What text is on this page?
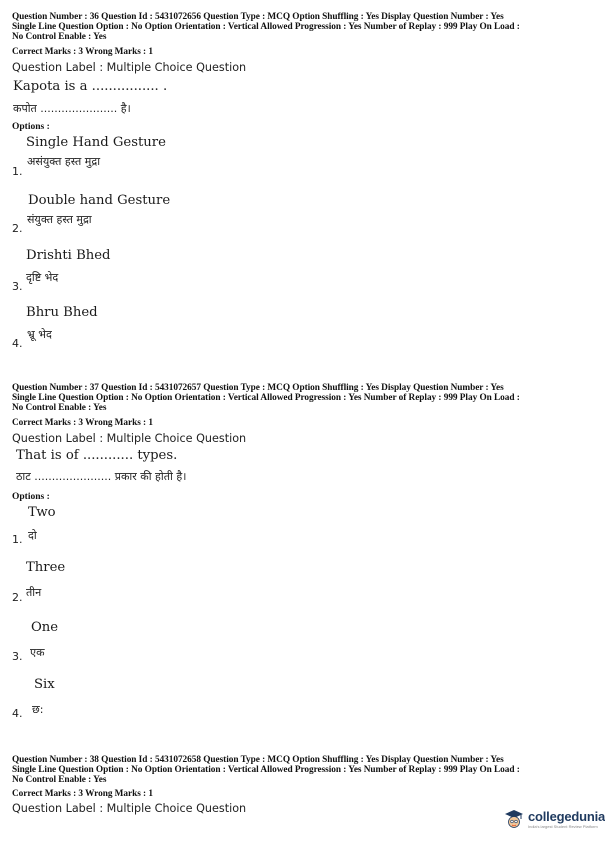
Question Number : 36 Question Id : 5431072656 Question Type : MCQ Option Shuffling : Yes Display Question Number : Yes
Single Line Question Option : No Option Orientation : Vertical Allowed Progression : Yes Number of Replay : 999 Play On Load :
No Control Enable : Yes
Correct Marks : 3 Wrong Marks : 1
Question Label : Multiple Choice Question
Kapota is a ................ .
कपोत ...................... है।
Options :
Single Hand Gesture
असंयुक्त हस्त मुद्रा
1.
Double hand Gesture
संयुक्त हस्त मुद्रा
2.
Drishti Bhed
दृष्टि भेद
3.
Bhru Bhed
भ्रू भेद
4.
Question Number : 37 Question Id : 5431072657 Question Type : MCQ Option Shuffling : Yes Display Question Number : Yes
Single Line Question Option : No Option Orientation : Vertical Allowed Progression : Yes Number of Replay : 999 Play On Load :
No Control Enable : Yes
Correct Marks : 3 Wrong Marks : 1
Question Label : Multiple Choice Question
That is of ............ types.
ठाट ...................... प्रकार की होती है।
Options :
Two
दो
1.
Three
तीन
2.
One
एक
3.
Six
छ:
4.
Question Number : 38 Question Id : 5431072658 Question Type : MCQ Option Shuffling : Yes Display Question Number : Yes
Single Line Question Option : No Option Orientation : Vertical Allowed Progression : Yes Number of Replay : 999 Play On Load :
No Control Enable : Yes
Correct Marks : 3 Wrong Marks : 1
Question Label : Multiple Choice Question
collegedunia
India's largest Student Review Platform
